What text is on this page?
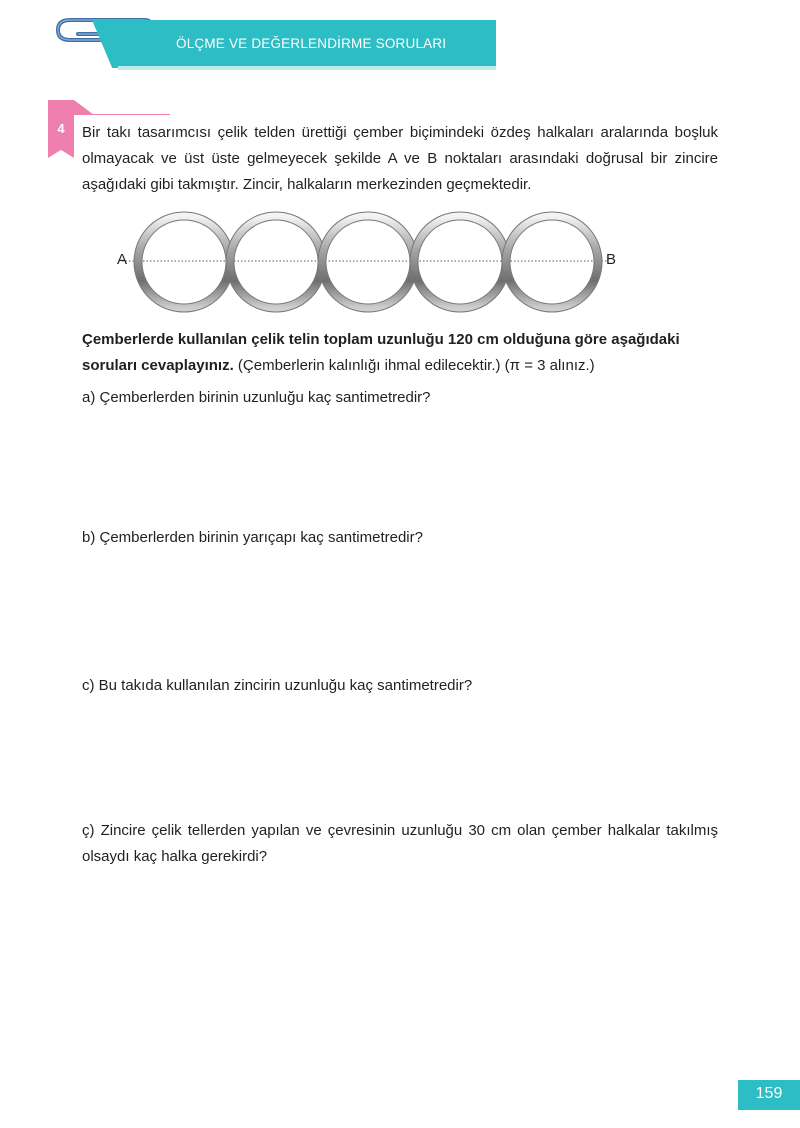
ÖLÇME VE DEĞERLENDİRME SORULARI
4	Bir takı tasarımcısı çelik telden ürettiği çember biçimindeki özdeş halkaları aralarında boşluk olmayacak ve üst üste gelmeyecek şekilde A ve B noktaları arasındaki doğrusal bir zincire aşağıdaki gibi takmıştır. Zincir, halkaların merkezinden geçmektedir.
A	B
Çemberlerde kullanılan çelik telin toplam uzunluğu 120 cm olduğuna göre aşağıdaki soruları cevaplayınız. (Çemberlerin kalınlığı ihmal edilecektir.) (π = 3 alınız.)
a) Çemberlerden birinin uzunluğu kaç santimetredir?
b) Çemberlerden birinin yarıçapı kaç santimetredir?
c) Bu takıda kullanılan zincirin uzunluğu kaç santimetredir?
ç) Zincire çelik tellerden yapılan ve çevresinin uzunluğu 30 cm olan çember halkalar takılmış olsaydı kaç halka gerekirdi?
159
